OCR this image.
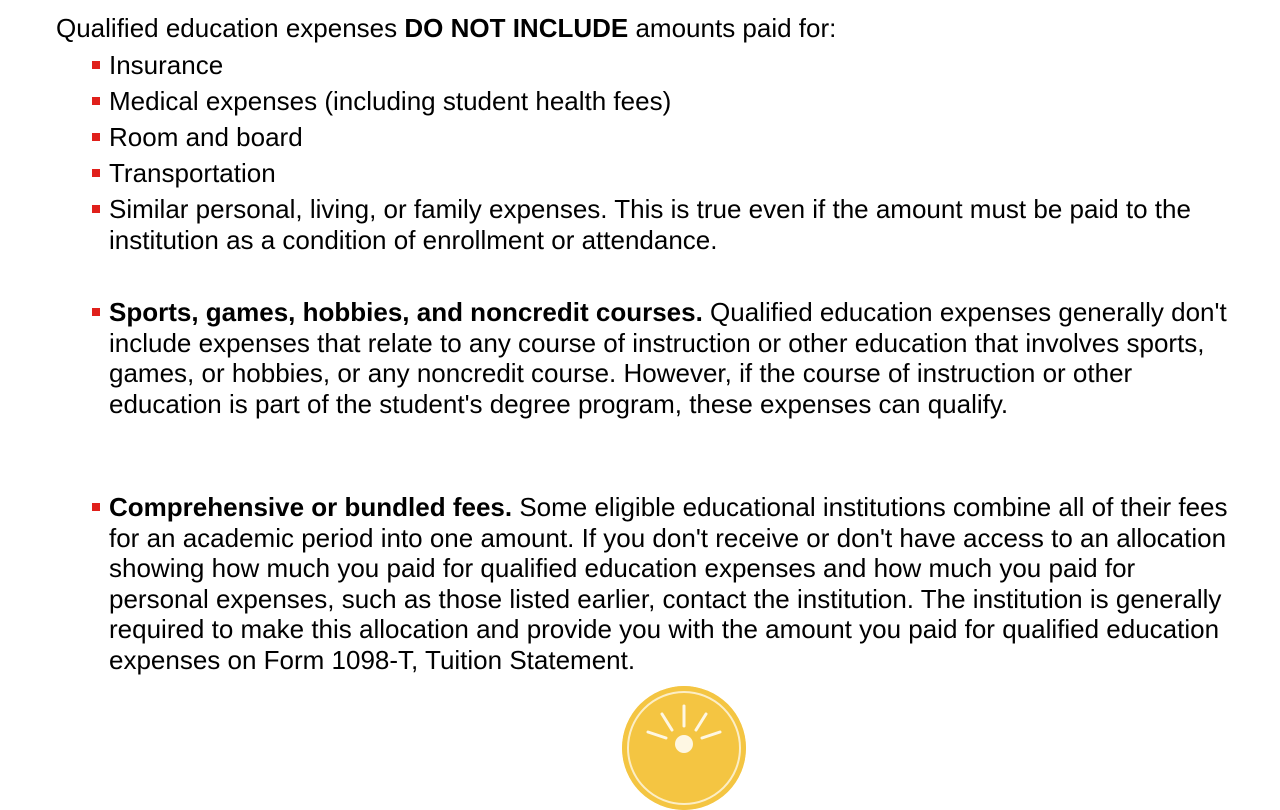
Qualified education expenses DO NOT INCLUDE amounts paid for:
Insurance
Medical expenses (including student health fees)
Room and board
Transportation
Similar personal, living, or family expenses. This is true even if the amount must be paid to the institution as a condition of enrollment or attendance.
Sports, games, hobbies, and noncredit courses. Qualified education expenses generally don't include expenses that relate to any course of instruction or other education that involves sports, games, or hobbies, or any noncredit course. However, if the course of instruction or other education is part of the student's degree program, these expenses can qualify.
Comprehensive or bundled fees. Some eligible educational institutions combine all of their fees for an academic period into one amount. If you don't receive or don't have access to an allocation showing how much you paid for qualified education expenses and how much you paid for personal expenses, such as those listed earlier, contact the institution. The institution is generally required to make this allocation and provide you with the amount you paid for qualified education expenses on Form 1098-T, Tuition Statement.
